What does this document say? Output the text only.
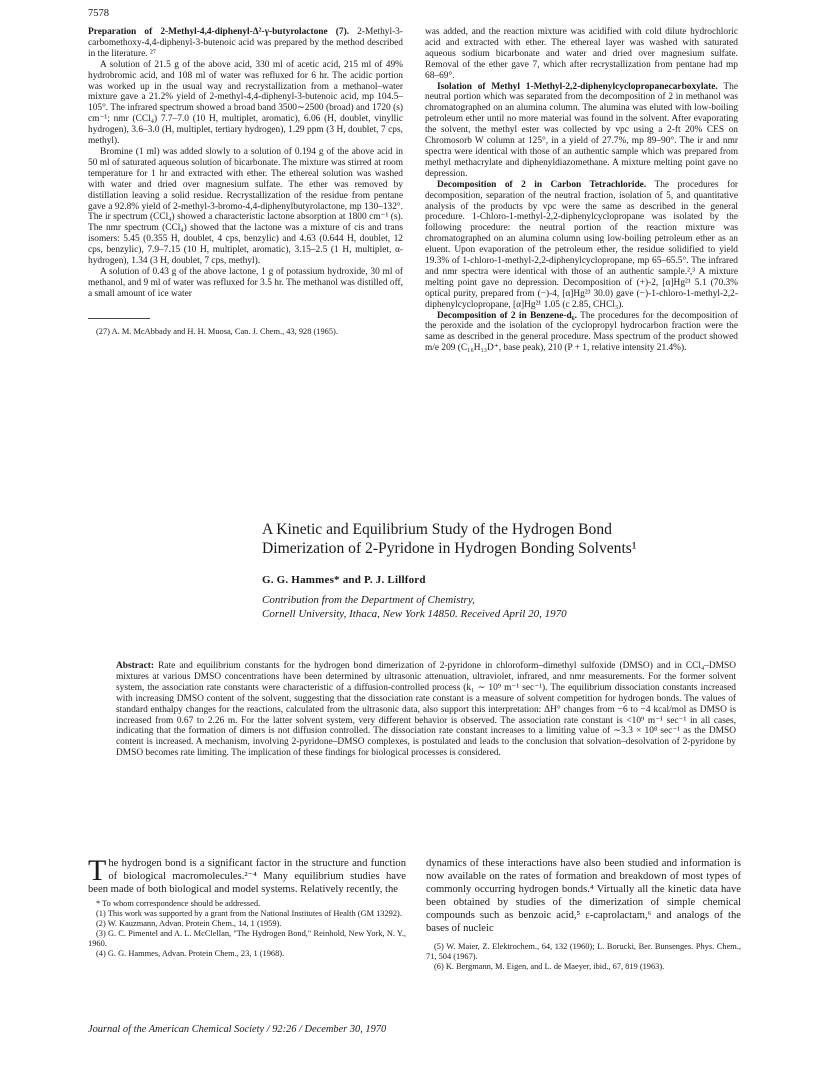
7578

Preparation of 2-Methyl-4,4-diphenyl-Δ²-γ-butyrolactone (7). 2-Methyl-3-carbomethoxy-4,4-diphenyl-3-butenoic acid was prepared by the method described in the literature. ²⁷

A solution of 21.5 g of the above acid, 330 ml of acetic acid, 215 ml of 49% hydrobromic acid, and 108 ml of water was refluxed for 6 hr. The acidic portion was worked up in the usual way and recrystallization from a methanol–water mixture gave a 21.2% yield of 2-methyl-4,4-diphenyl-3-butenoic acid, mp 104.5–105°. The infrared spectrum showed a broad band 3500∼2500 (broad) and 1720 (s) cm⁻¹; nmr (CCl₄) 7.7–7.0 (10 H, multiplet, aromatic), 6.06 (H, doublet, vinyllic hydrogen), 3.6–3.0 (H, multiplet, tertiary hydrogen), 1.29 ppm (3 H, doublet, 7 cps, methyl).

Bromine (1 ml) was added slowly to a solution of 0.194 g of the above acid in 50 ml of saturated aqueous solution of bicarbonate. The mixture was stirred at room temperature for 1 hr and extracted with ether. The ethereal solution was washed with water and dried over magnesium sulfate. The ether was removed by distillation leaving a solid residue. Recrystallization of the residue from pentane gave a 92.8% yield of 2-methyl-3-bromo-4,4-diphenylbutyrolactone, mp 130–132°. The ir spectrum (CCl₄) showed a characteristic lactone absorption at 1800 cm⁻¹ (s). The nmr spectrum (CCl₄) showed that the lactone was a mixture of cis and trans isomers: 5.45 (0.355 H, doublet, 4 cps, benzylic) and 4.63 (0.644 H, doublet, 12 cps, benzylic), 7.9–7.15 (10 H, multiplet, aromatic), 3.15–2.5 (1 H, multiplet, α-hydrogen), 1.34 (3 H, doublet, 7 cps, methyl).

A solution of 0.43 g of the above lactone, 1 g of potassium hydroxide, 30 ml of methanol, and 9 ml of water was refluxed for 3.5 hr. The methanol was distilled off, a small amount of ice water

(27) A. M. McAbbady and H. H. Muosa, Can. J. Chem., 43, 928 (1965).

was added, and the reaction mixture was acidified with cold dilute hydrochloric acid and extracted with ether. The ethereal layer was washed with saturated aqueous sodium bicarbonate and water and dried over magnesium sulfate. Removal of the ether gave 7, which after recrystallization from pentane had mp 68–69°.

Isolation of Methyl 1-Methyl-2,2-diphenylcyclopropanecarboxylate. The neutral portion which was separated from the decomposition of 2 in methanol was chromatographed on an alumina column. The alumina was eluted with low-boiling petroleum ether until no more material was found in the solvent. After evaporating the solvent, the methyl ester was collected by vpc using a 2-ft 20% CES on Chromosorb W column at 125°, in a yield of 27.7%, mp 89–90°. The ir and nmr spectra were identical with those of an authentic sample which was prepared from methyl methacrylate and diphenyldiazomethane. A mixture melting point gave no depression.

Decomposition of 2 in Carbon Tetrachloride. The procedures for decomposition, separation of the neutral fraction, isolation of 5, and quantitative analysis of the products by vpc were the same as described in the general procedure. 1-Chloro-1-methyl-2,2-diphenylcyclopropane was isolated by the following procedure: the neutral portion of the reaction mixture was chromatographed on an alumina column using low-boiling petroleum ether as an eluent. Upon evaporation of the petroleum ether, the residue solidified to yield 19.3% of 1-chloro-1-methyl-2,2-diphenylcyclopropane, mp 65–65.5°. The infrared and nmr spectra were identical with those of an authentic sample.²,³ A mixture melting point gave no depression. Decomposition of (+)-2, [α]Hg²¹ 5.1 (70.3% optical purity, prepared from (−)-4, [α]Hg²³ 30.0) gave (−)-1-chloro-1-methyl-2,2-diphenylcyclopropane, [α]Hg²¹ 1.05 (c 2.85, CHCl₃).

Decomposition of 2 in Benzene-d₆. The procedures for the decomposition of the peroxide and the isolation of the cyclopropyl hydrocarbon fraction were the same as described in the general procedure. Mass spectrum of the product showed m/e 209 (C₁₆H₁₃D⁺, base peak), 210 (P + 1, relative intensity 21.4%).

A Kinetic and Equilibrium Study of the Hydrogen Bond
Dimerization of 2-Pyridone in Hydrogen Bonding Solvents¹
G. G. Hammes* and P. J. Lillford
Contribution from the Department of Chemistry,
Cornell University, Ithaca, New York 14850. Received April 20, 1970
Abstract: Rate and equilibrium constants for the hydrogen bond dimerization of 2-pyridone in chloroform–dimethyl sulfoxide (DMSO) and in CCl₄–DMSO mixtures at various DMSO concentrations have been determined by ultrasonic attenuation, ultraviolet, infrared, and nmr measurements. For the former solvent system, the association rate constants were characteristic of a diffusion-controlled process (k₁ ∼ 10⁹ m⁻¹ sec⁻¹). The equilibrium dissociation constants increased with increasing DMSO content of the solvent, suggesting that the dissociation rate constant is a measure of solvent competition for hydrogen bonds. The values of standard enthalpy changes for the reactions, calculated from the ultrasonic data, also support this interpretation: ΔH° changes from −6 to −4 kcal/mol as DMSO is increased from 0.67 to 2.26 m. For the latter solvent system, very different behavior is observed. The association rate constant is <10⁹ m⁻¹ sec⁻¹ in all cases, indicating that the formation of dimers is not diffusion controlled. The dissociation rate constant increases to a limiting value of ∼3.3 × 10⁸ sec⁻¹ as the DMSO content is increased. A mechanism, involving 2-pyridone–DMSO complexes, is postulated and leads to the conclusion that solvation–desolvation of 2-pyridone by DMSO becomes rate limiting. The implication of these findings for biological processes is considered.
The hydrogen bond is a significant factor in the structure and function of biological macromolecules.²⁻⁴ Many equilibrium studies have been made of both biological and model systems. Relatively recently, the

* To whom correspondence should be addressed.

(1) This work was supported by a grant from the National Institutes of Health (GM 13292).

(2) W. Kauzmann, Advan. Protein Chem., 14, 1 (1959).

(3) G. C. Pimentel and A. L. McClellan, "The Hydrogen Bond," Reinhold, New York, N. Y., 1960.

(4) G. G. Hammes, Advan. Protein Chem., 23, 1 (1968).

dynamics of these interactions have also been studied and information is now available on the rates of formation and breakdown of most types of commonly occurring hydrogen bonds.⁴ Virtually all the kinetic data have been obtained by studies of the dimerization of simple chemical compounds such as benzoic acid,⁵ ε-caprolactam,⁶ and analogs of the bases of nucleic

(5) W. Maier, Z. Elektrochem., 64, 132 (1960); L. Borucki, Ber. Bunsenges. Phys. Chem., 71, 504 (1967).

(6) K. Bergmann, M. Eigen, and L. de Maeyer, ibid., 67, 819 (1963).

Journal of the American Chemical Society / 92:26 / December 30, 1970
